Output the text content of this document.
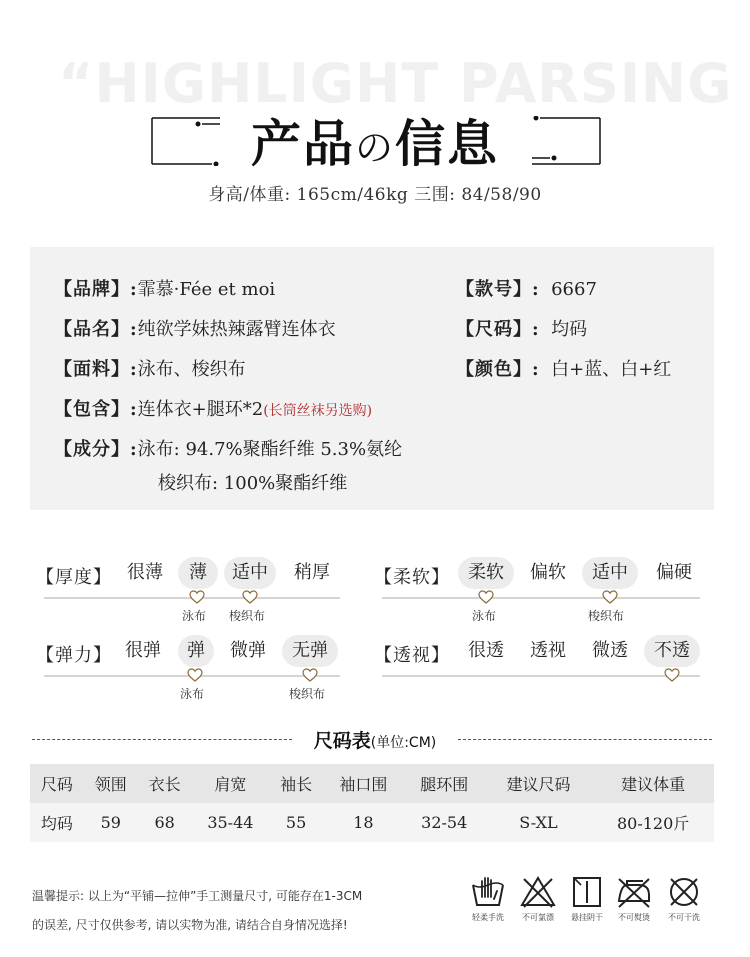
“HIGHLIGHT PARSING
产品の信息
身高/体重: 165cm/46kg 三围: 84/58/90
【品牌】:霏慕·Fée et moi	【款号】: 6667
【品名】:纯欲学妹热辣露臂连体衣	【尺码】: 均码
【面料】:泳布、梭织布	【颜色】: 白+蓝、白+红
【包含】:连体衣+腿环*2(长筒丝袜另选购)
【成分】:泳布: 94.7%聚酯纤维 5.3%氨纶
梭织布: 100%聚酯纤维
【厚度】 很薄	薄	适中	稍厚
泳布 梭织布
【柔软】	柔软	偏软	适中	偏硬
泳布	梭织布
【弹力】 很弹	弹	微弹	无弹
泳布	梭织布
【透视】	很透	透视	微透	不透
尺码表(单位:CM)
尺码	领围	衣长	肩宽	袖长	袖口围	腿环围	建议尺码	建议体重
均码	59	68	35-44	55	18	32-54	S-XL	80-120斤
温馨提示: 以上为“平铺—拉伸”手工测量尺寸, 可能存在1-3CM
的误差, 尺寸仅供参考, 请以实物为准, 请结合自身情况选择!
轻柔手洗	不可氯漂	悬挂阴干	不可熨烫	不可干洗
